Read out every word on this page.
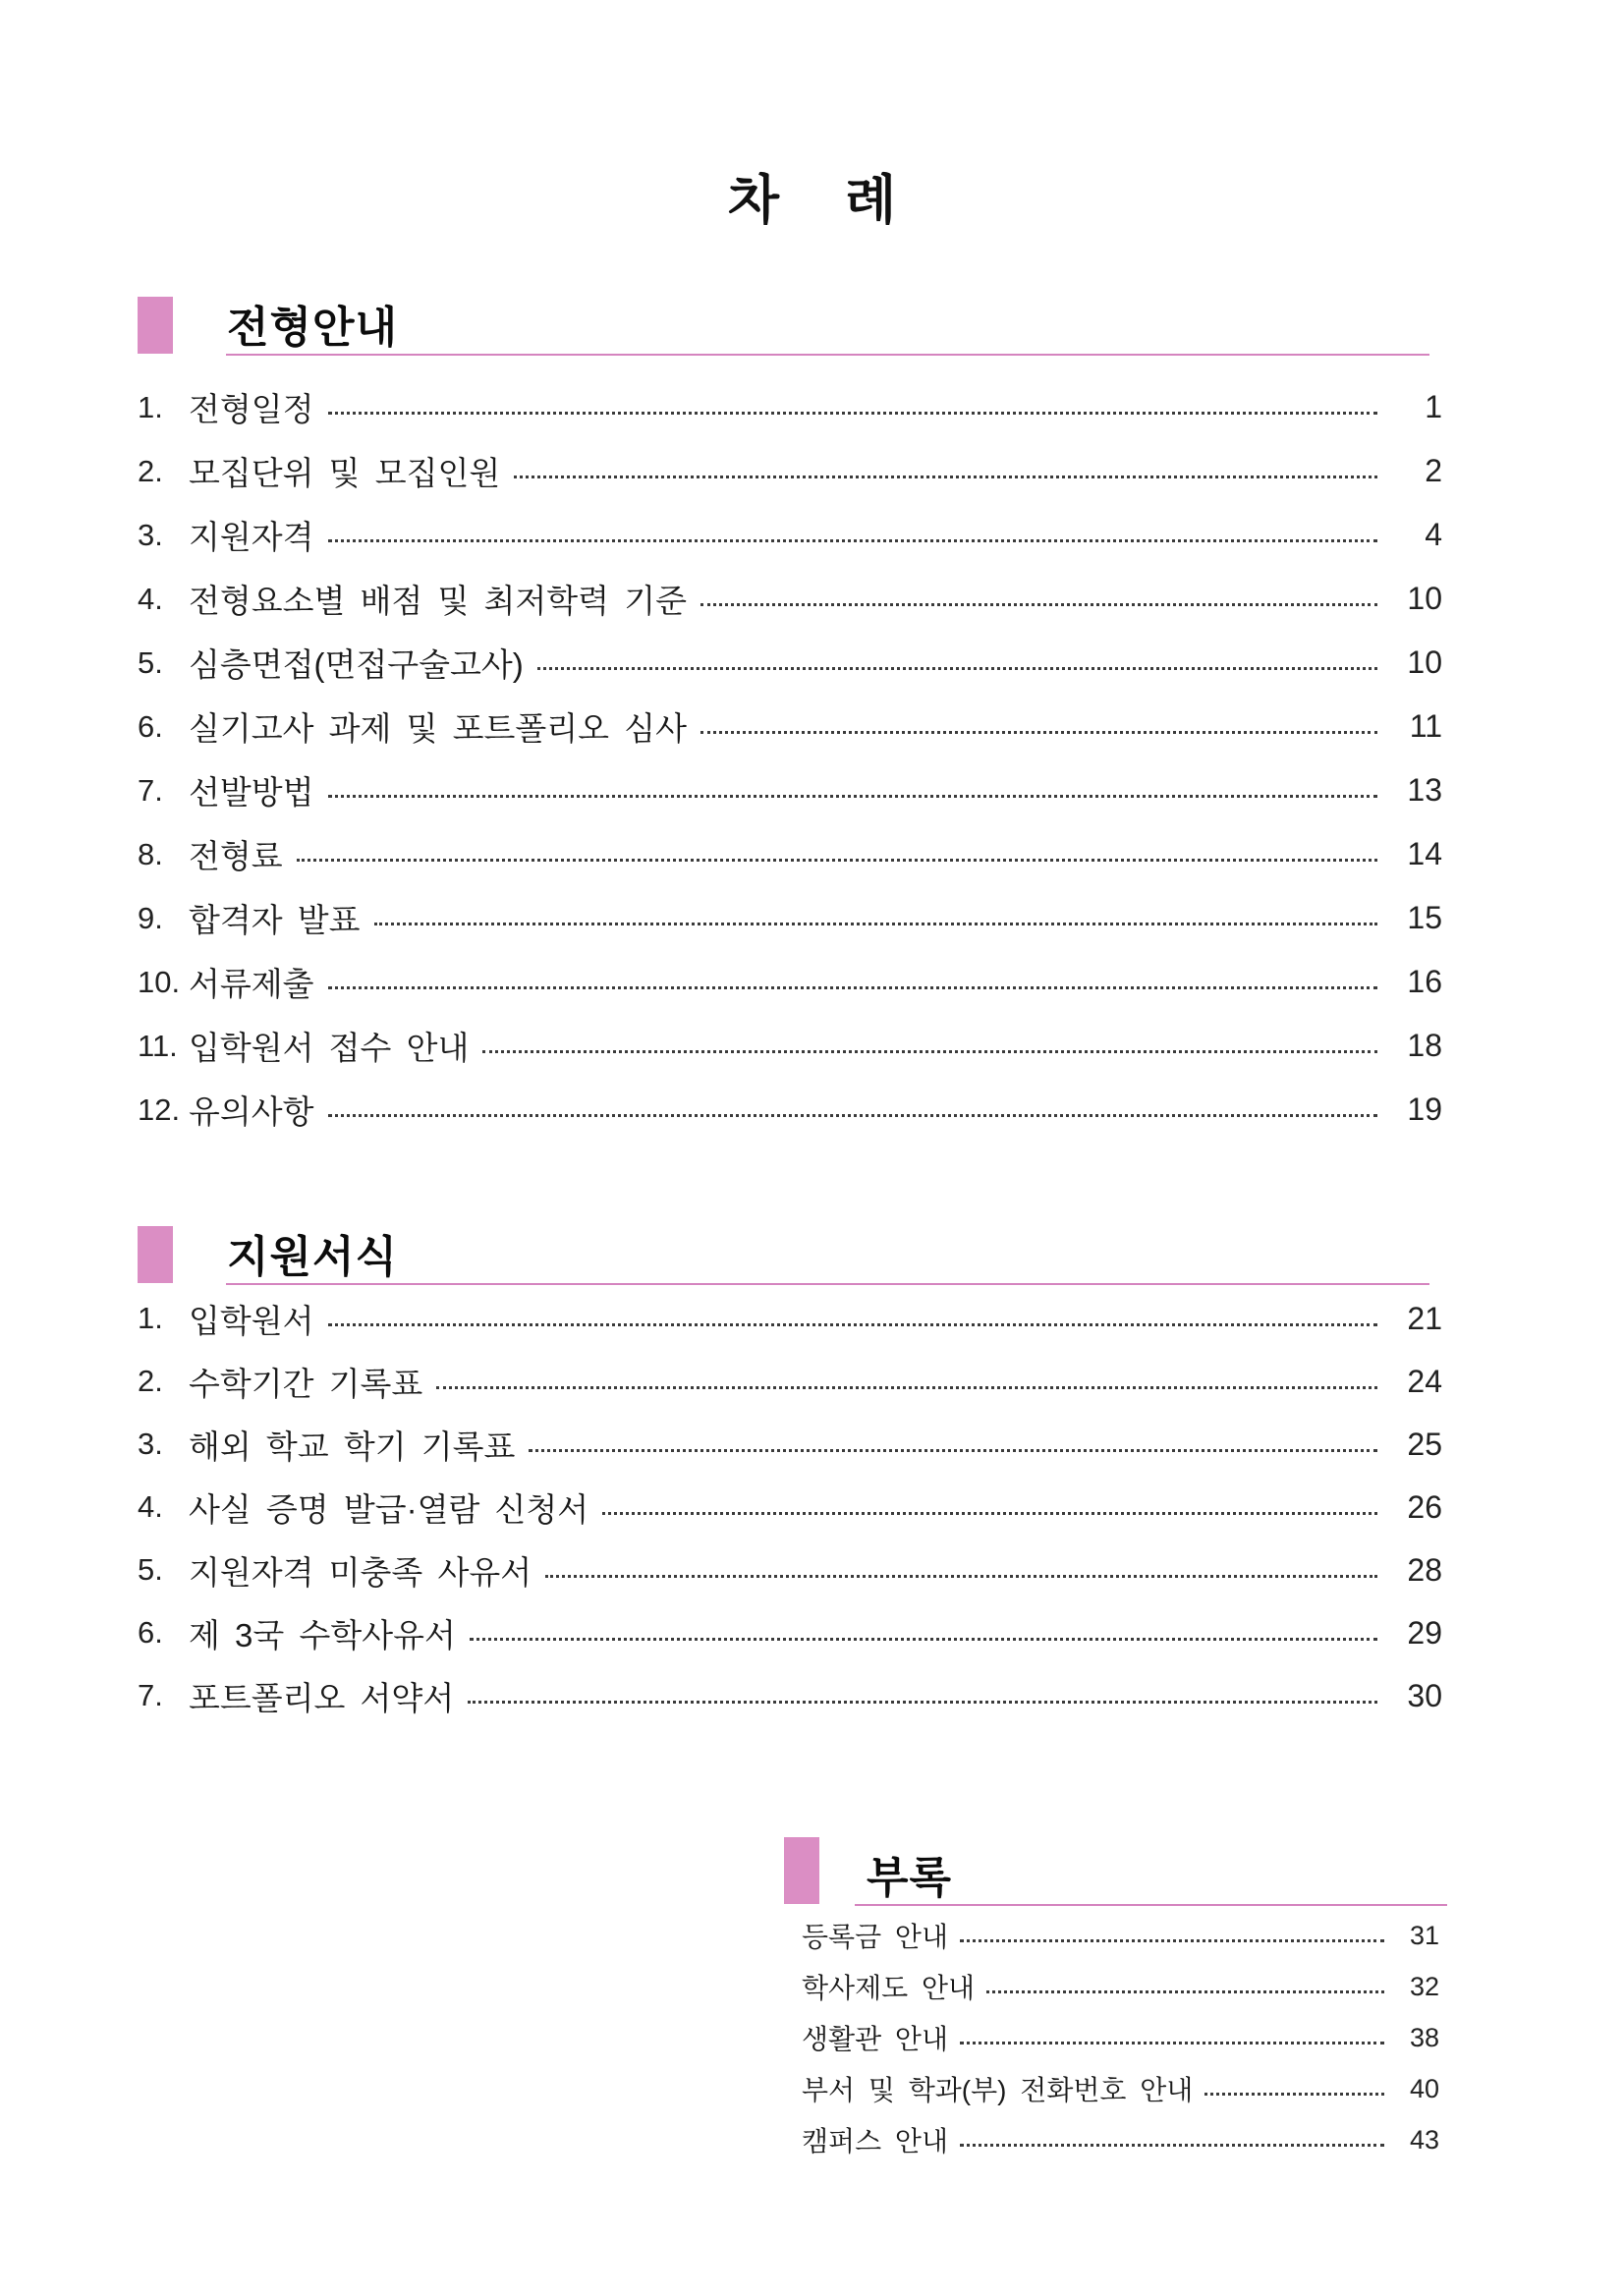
차 례
전형안내
1. 전형일정	1
2. 모집단위 및 모집인원	2
3. 지원자격	4
4. 전형요소별 배점 및 최저학력 기준	10
5. 심층면접(면접구술고사)	10
6. 실기고사 과제 및 포트폴리오 심사	11
7. 선발방법	13
8. 전형료	14
9. 합격자 발표	15
10. 서류제출	16
11. 입학원서 접수 안내	18
12. 유의사항	19
지원서식
1. 입학원서	21
2. 수학기간 기록표	24
3. 해외 학교 학기 기록표	25
4. 사실 증명 발급·열람 신청서	26
5. 지원자격 미충족 사유서	28
6. 제 3국 수학사유서	29
7. 포트폴리오 서약서	30
부록
등록금 안내	31
학사제도 안내	32
생활관 안내	38
부서 및 학과(부) 전화번호 안내	40
캠퍼스 안내	43
